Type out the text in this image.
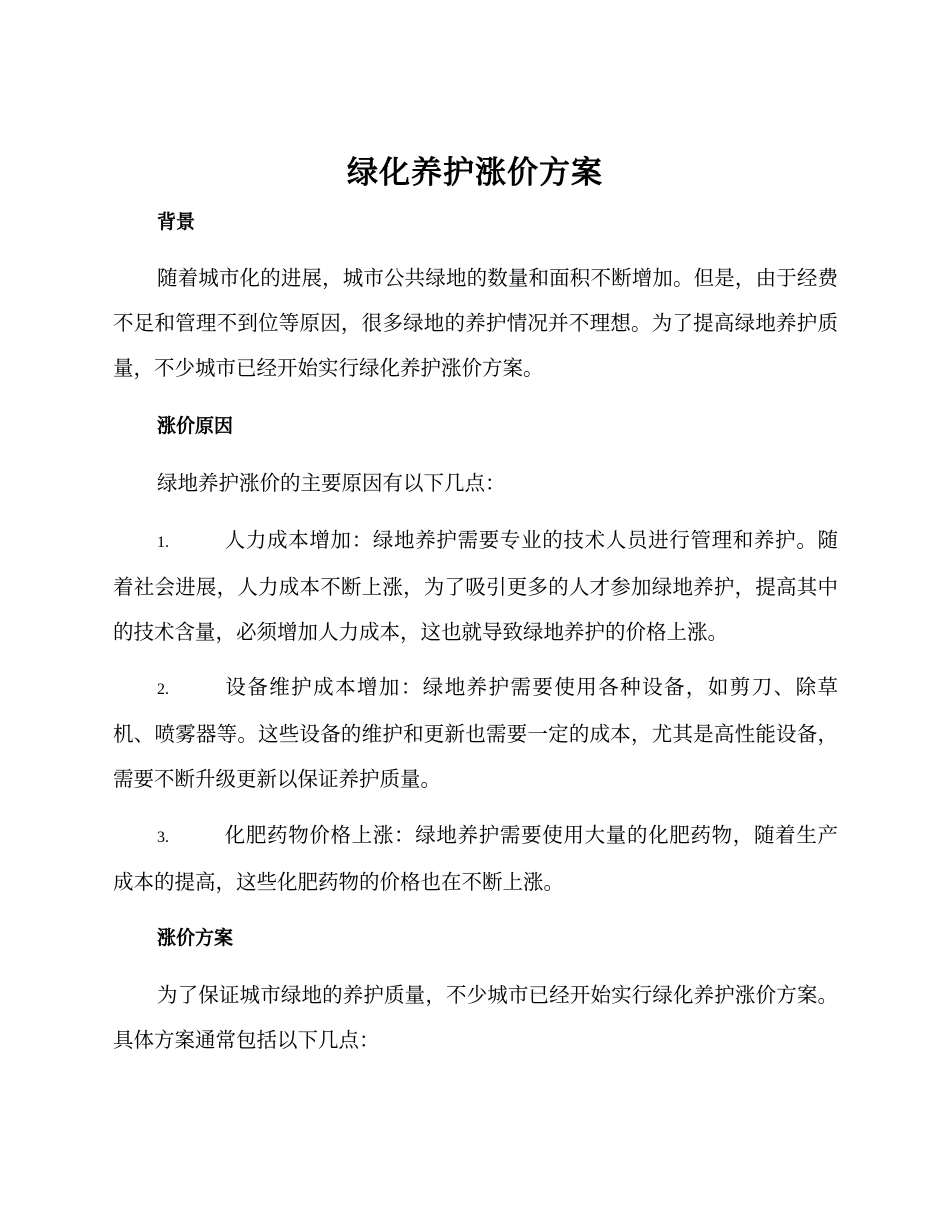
绿化养护涨价方案
背景

随着城市化的进展，城市公共绿地的数量和面积不断增加。但是，由于经费不足和管理不到位等原因，很多绿地的养护情况并不理想。为了提高绿地养护质量，不少城市已经开始实行绿化养护涨价方案。

涨价原因

绿地养护涨价的主要原因有以下几点：

1.	人力成本增加：绿地养护需要专业的技术人员进行管理和养护。随着社会进展，人力成本不断上涨，为了吸引更多的人才参加绿地养护，提高其中的技术含量，必须增加人力成本，这也就导致绿地养护的价格上涨。

2.	设备维护成本增加：绿地养护需要使用各种设备，如剪刀、除草机、喷雾器等。这些设备的维护和更新也需要一定的成本，尤其是高性能设备，需要不断升级更新以保证养护质量。

3.	化肥药物价格上涨：绿地养护需要使用大量的化肥药物，随着生产成本的提高，这些化肥药物的价格也在不断上涨。

涨价方案

为了保证城市绿地的养护质量，不少城市已经开始实行绿化养护涨价方案。具体方案通常包括以下几点：
